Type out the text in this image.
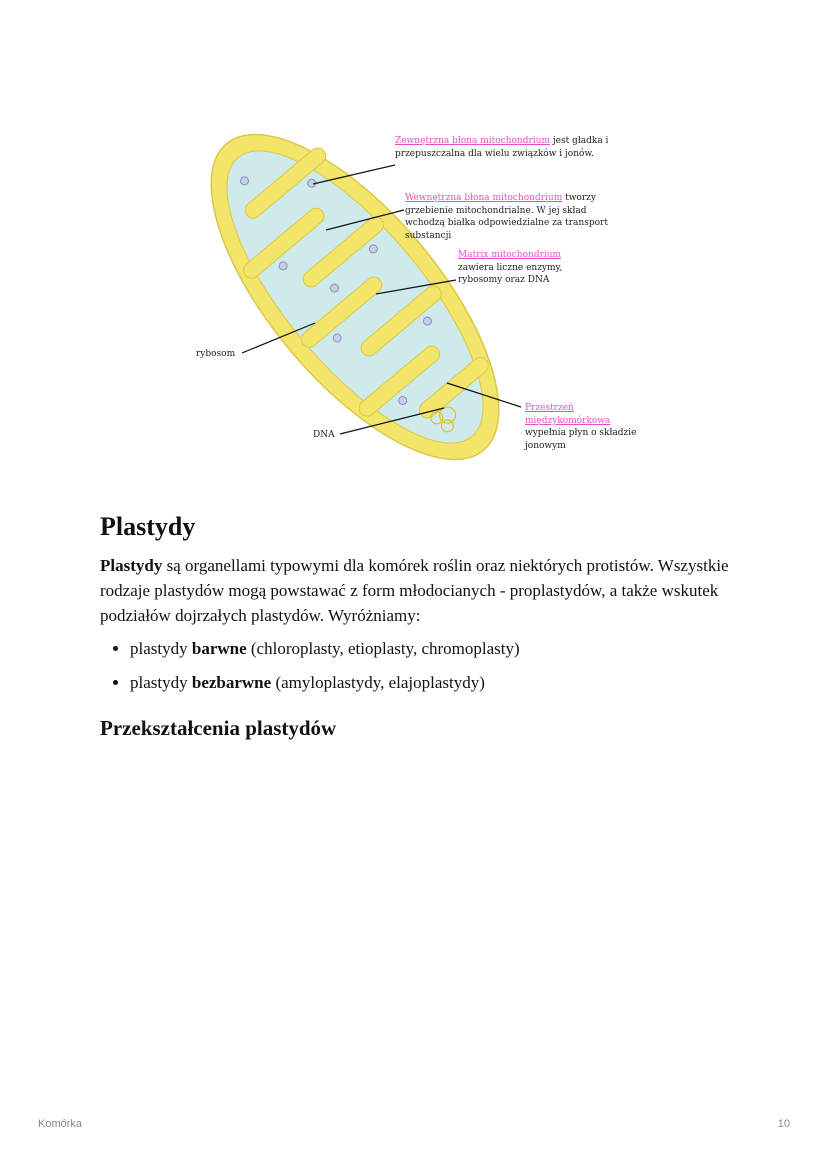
Zewnętrzna błona mitochondrium jest gładka i przepuszczalna dla wielu związków i jonów.
Wewnętrzna błona mitochondrium tworzy grzebienie mitochondrialne. W jej skład wchodzą białka odpowiedzialne za transport substancji
Matrix mitochondrium
zawiera liczne enzymy, rybosomy oraz DNA
Przestrzeń międzykomórkowa
wypełnia płyn o składzie jonowym
rybosom
DNA
Plastydy

Plastydy są organellami typowymi dla komórek roślin oraz niektórych protistów. Wszystkie rodzaje plastydów mogą powstawać z form młodocianych - proplastydów, a także wskutek podziałów dojrzałych plastydów. Wyróżniamy:

• plastydy barwne (chloroplasty, etioplasty, chromoplasty)
• plastydy bezbarwne (amyloplastydy, elajoplastydy)
Przekształcenia plastydów
Komórka	10
